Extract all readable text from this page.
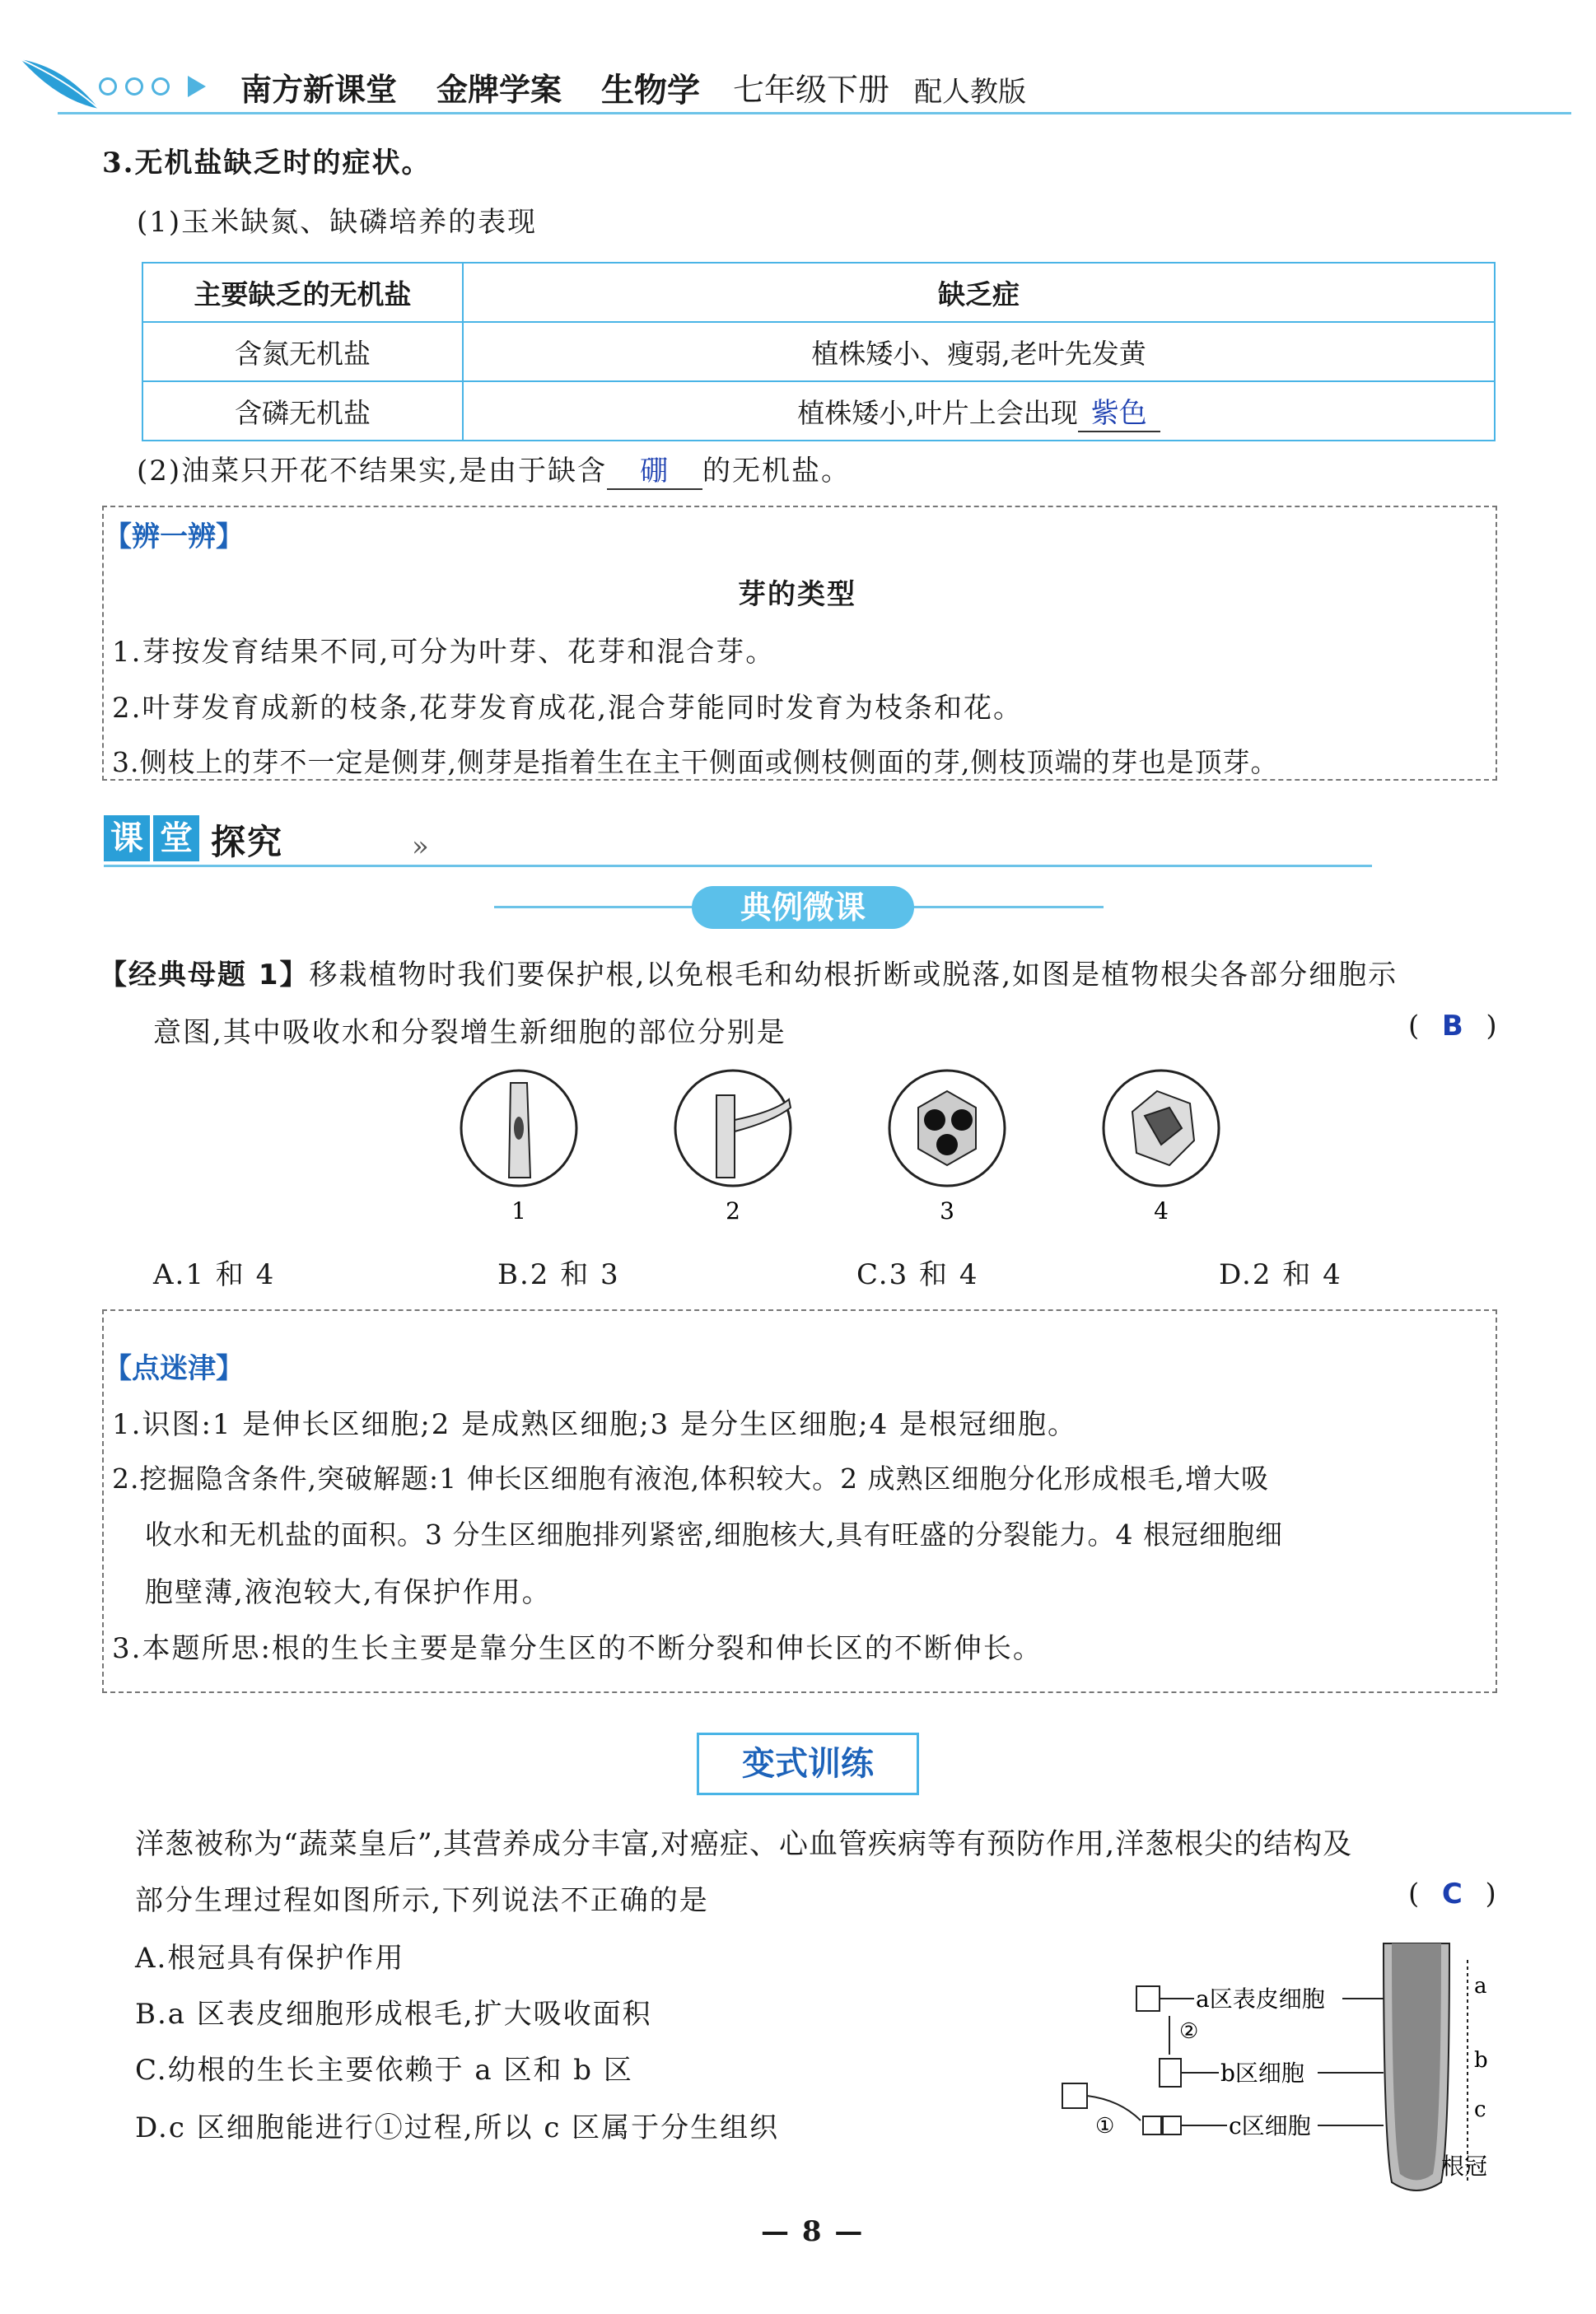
南方新课堂 金牌学案 生物学 七年级下册 配人教版
3.无机盐缺乏时的症状。
(1)玉米缺氮、缺磷培养的表现
主要缺乏的无机盐	缺乏症
含氮无机盐	植株矮小、瘦弱,老叶先发黄
含磷无机盐	植株矮小,叶片上会出现 紫色
(2)油菜只开花不结果实,是由于缺含 硼 的无机盐。
【辨一辨】
芽的类型
1.芽按发育结果不同,可分为叶芽、花芽和混合芽。
2.叶芽发育成新的枝条,花芽发育成花,混合芽能同时发育为枝条和花。
3.侧枝上的芽不一定是侧芽,侧芽是指着生在主干侧面或侧枝侧面的芽,侧枝顶端的芽也是顶芽。
课 堂 探究	»
典例微课
【经典母题 1】移栽植物时我们要保护根,以免根毛和幼根折断或脱落,如图是植物根尖各部分细胞示
意图,其中吸收水和分裂增生新细胞的部位分别是	(  B  )
1	2	3	4
A.1 和 4	B.2 和 3	C.3 和 4	D.2 和 4
【点迷津】
1.识图:1 是伸长区细胞;2 是成熟区细胞;3 是分生区细胞;4 是根冠细胞。
2.挖掘隐含条件,突破解题:1 伸长区细胞有液泡,体积较大。2 成熟区细胞分化形成根毛,增大吸
收水和无机盐的面积。3 分生区细胞排列紧密,细胞核大,具有旺盛的分裂能力。4 根冠细胞细
胞壁薄,液泡较大,有保护作用。
3.本题所思:根的生长主要是靠分生区的不断分裂和伸长区的不断伸长。
变式训练
洋葱被称为“蔬菜皇后”,其营养成分丰富,对癌症、心血管疾病等有预防作用,洋葱根尖的结构及
部分生理过程如图所示,下列说法不正确的是	(  C  )
A.根冠具有保护作用
B.a 区表皮细胞形成根毛,扩大吸收面积
C.幼根的生长主要依赖于 a 区和 b 区
D.c 区细胞能进行①过程,所以 c 区属于分生组织
a
b
c
根冠
a区表皮细胞
b区细胞
c区细胞
①
②
— 8 —
